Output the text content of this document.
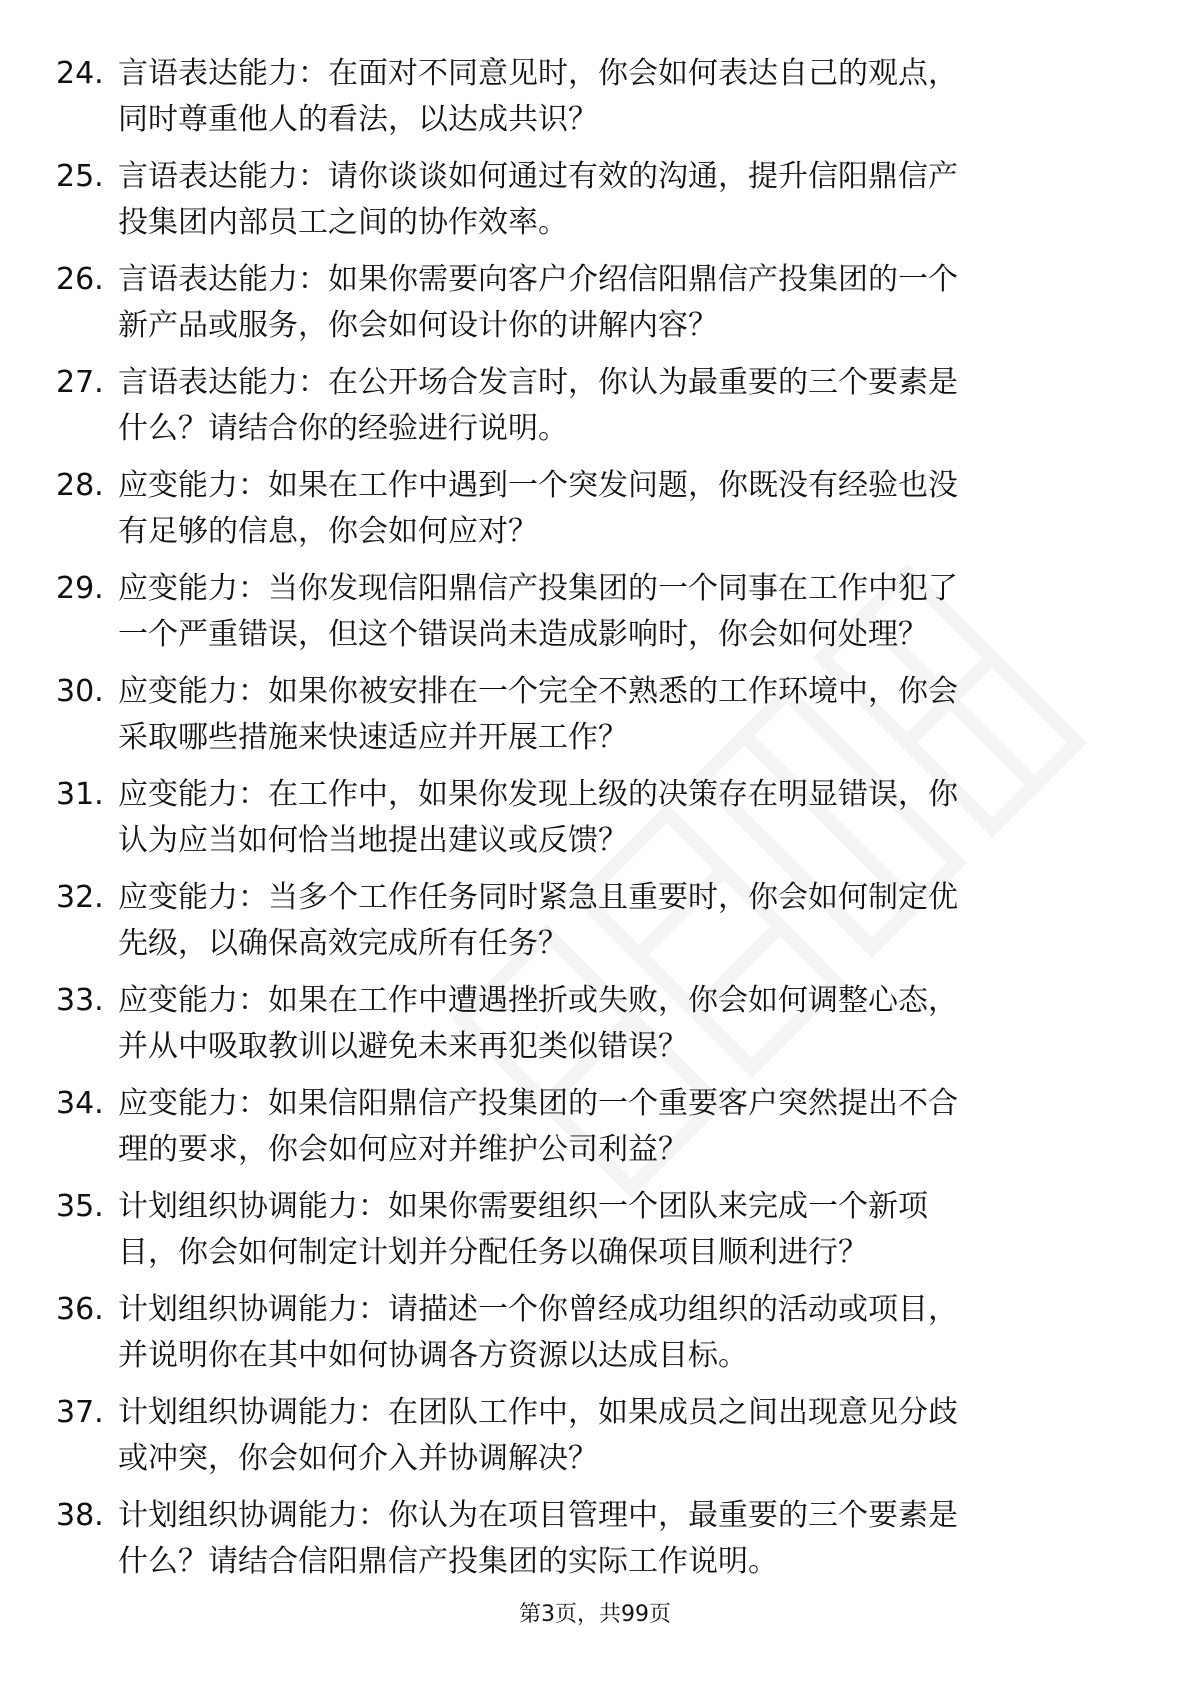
24. 言语表达能力：在面对不同意见时，你会如何表达自己的观点，
同时尊重他人的看法，以达成共识？
25. 言语表达能力：请你谈谈如何通过有效的沟通，提升信阳鼎信产
投集团内部员工之间的协作效率。
26. 言语表达能力：如果你需要向客户介绍信阳鼎信产投集团的一个
新产品或服务，你会如何设计你的讲解内容？
27. 言语表达能力：在公开场合发言时，你认为最重要的三个要素是
什么？请结合你的经验进行说明。
28. 应变能力：如果在工作中遇到一个突发问题，你既没有经验也没
有足够的信息，你会如何应对？
29. 应变能力：当你发现信阳鼎信产投集团的一个同事在工作中犯了
一个严重错误，但这个错误尚未造成影响时，你会如何处理？
30. 应变能力：如果你被安排在一个完全不熟悉的工作环境中，你会
采取哪些措施来快速适应并开展工作？
31. 应变能力：在工作中，如果你发现上级的决策存在明显错误，你
认为应当如何恰当地提出建议或反馈？
32. 应变能力：当多个工作任务同时紧急且重要时，你会如何制定优
先级，以确保高效完成所有任务？
33. 应变能力：如果在工作中遭遇挫折或失败，你会如何调整心态，
并从中吸取教训以避免未来再犯类似错误？
34. 应变能力：如果信阳鼎信产投集团的一个重要客户突然提出不合
理的要求，你会如何应对并维护公司利益？
35. 计划组织协调能力：如果你需要组织一个团队来完成一个新项
目，你会如何制定计划并分配任务以确保项目顺利进行？
36. 计划组织协调能力：请描述一个你曾经成功组织的活动或项目，
并说明你在其中如何协调各方资源以达成目标。
37. 计划组织协调能力：在团队工作中，如果成员之间出现意见分歧
或冲突，你会如何介入并协调解决？
38. 计划组织协调能力：你认为在项目管理中，最重要的三个要素是
什么？请结合信阳鼎信产投集团的实际工作说明。
第3页，共99页
